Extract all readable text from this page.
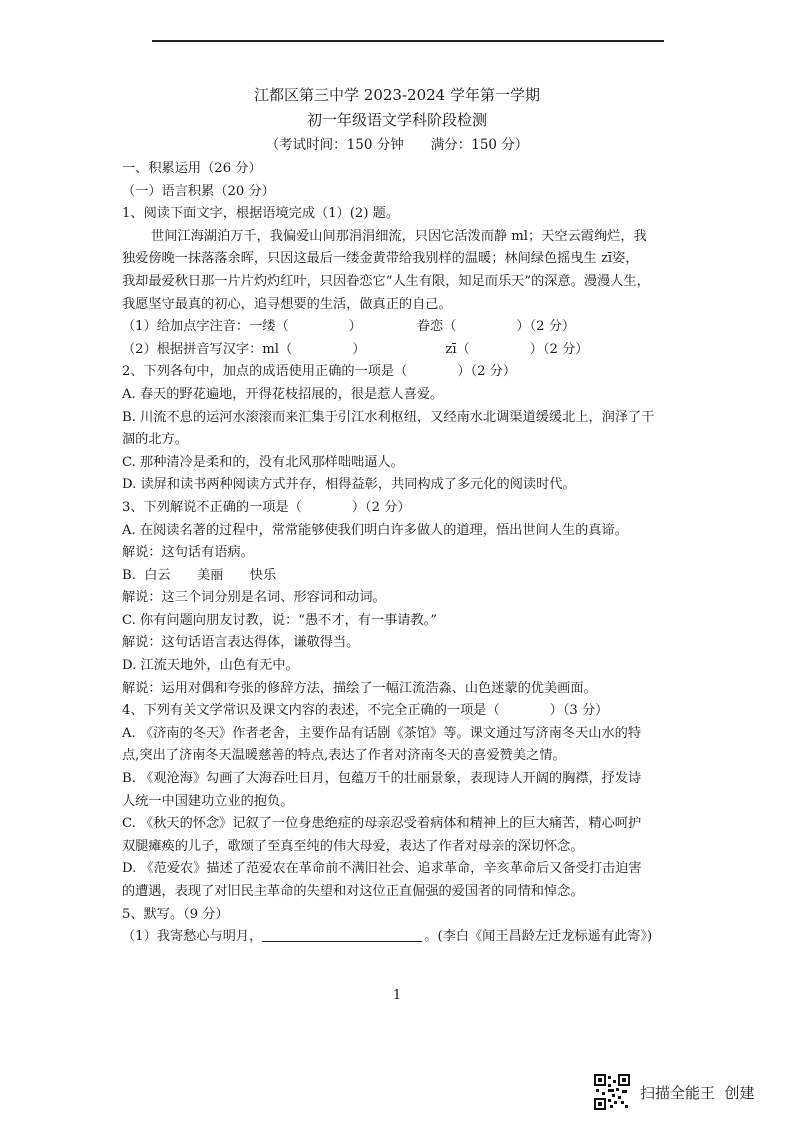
江都区第三中学 2023-2024 学年第一学期
初一年级语文学科阶段检测
（考试时间：150 分钟　　满分：150 分）

一、积累运用（26 分）

（一）语言积累（20 分）

1、阅读下面文字，根据语境完成（1）(2) 题。

世间江海湖泊万千，我偏爱山间那涓涓细流，只因它活泼而静 ml；天空云霞绚烂，我

独爱傍晚一抹落落余晖，只因这最后一缕金黄带给我别样的温暖；林间绿色摇曳生 zī姿，

我却最爱秋日那一片片灼灼红叶，只因眷恋它“人生有限，知足而乐天”的深意。漫漫人生，

我愿坚守最真的初心，追寻想要的生活，做真正的自己。

（1）给加点字注音：一缕（	）	眷恋（	）（2 分）

（2）根据拼音写汉字：ml（	）	zī（	）（2 分）

2、下列各句中，加点的成语使用正确的一项是（	）（2 分）

A. 春天的野花遍地，开得花枝招展的，很是惹人喜爱。

B. 川流不息的运河水滚滚而来汇集于引江水利枢纽，又经南水北调渠道缓缓北上，润泽了干

涸的北方。

C. 那种清冷是柔和的，没有北风那样咄咄逼人。

D. 读屏和读书两种阅读方式并存，相得益彰，共同构成了多元化的阅读时代。

3、下列解说不正确的一项是（	）（2 分）

A. 在阅读名著的过程中，常常能够使我们明白许多做人的道理，悟出世间人生的真谛。

解说：这句话有语病。

B.  白云　　美丽　　快乐

解说：这三个词分别是名词、形容词和动词。

C. 你有问题向朋友讨教，说：“愚不才，有一事请教。”

解说：这句话语言表达得体，谦敬得当。

D. 江流天地外，山色有无中。

解说：运用对偶和夸张的修辞方法，描绘了一幅江流浩淼、山色迷蒙的优美画面。

4、下列有关文学常识及课文内容的表述，不完全正确的一项是（	）（3 分）

A. 《济南的冬天》作者老舍，主要作品有话剧《茶馆》等。课文通过写济南冬天山水的特

点,突出了济南冬天温暖慈善的特点,表达了作者对济南冬天的喜爱赞美之情。

B. 《观沧海》勾画了大海吞吐日月，包蕴万千的壮丽景象，表现诗人开阔的胸襟，抒发诗

人统一中国建功立业的抱负。

C. 《秋天的怀念》记叙了一位身患绝症的母亲忍受着病体和精神上的巨大痛苦，精心呵护

双腿瘫痪的儿子，歌颂了至真至纯的伟大母爱，表达了作者对母亲的深切怀念。

D. 《范爱农》描述了范爱农在革命前不满旧社会、追求革命，辛亥革命后又备受打击迫害

的遭遇，表现了对旧民主革命的失望和对这位正直倔强的爱国者的同情和悼念。

5、默写。（9 分）

（1）我寄愁心与明月，	。(李白《闻王昌龄左迁龙标遥有此寄》)

1
扫描全能王  创建
